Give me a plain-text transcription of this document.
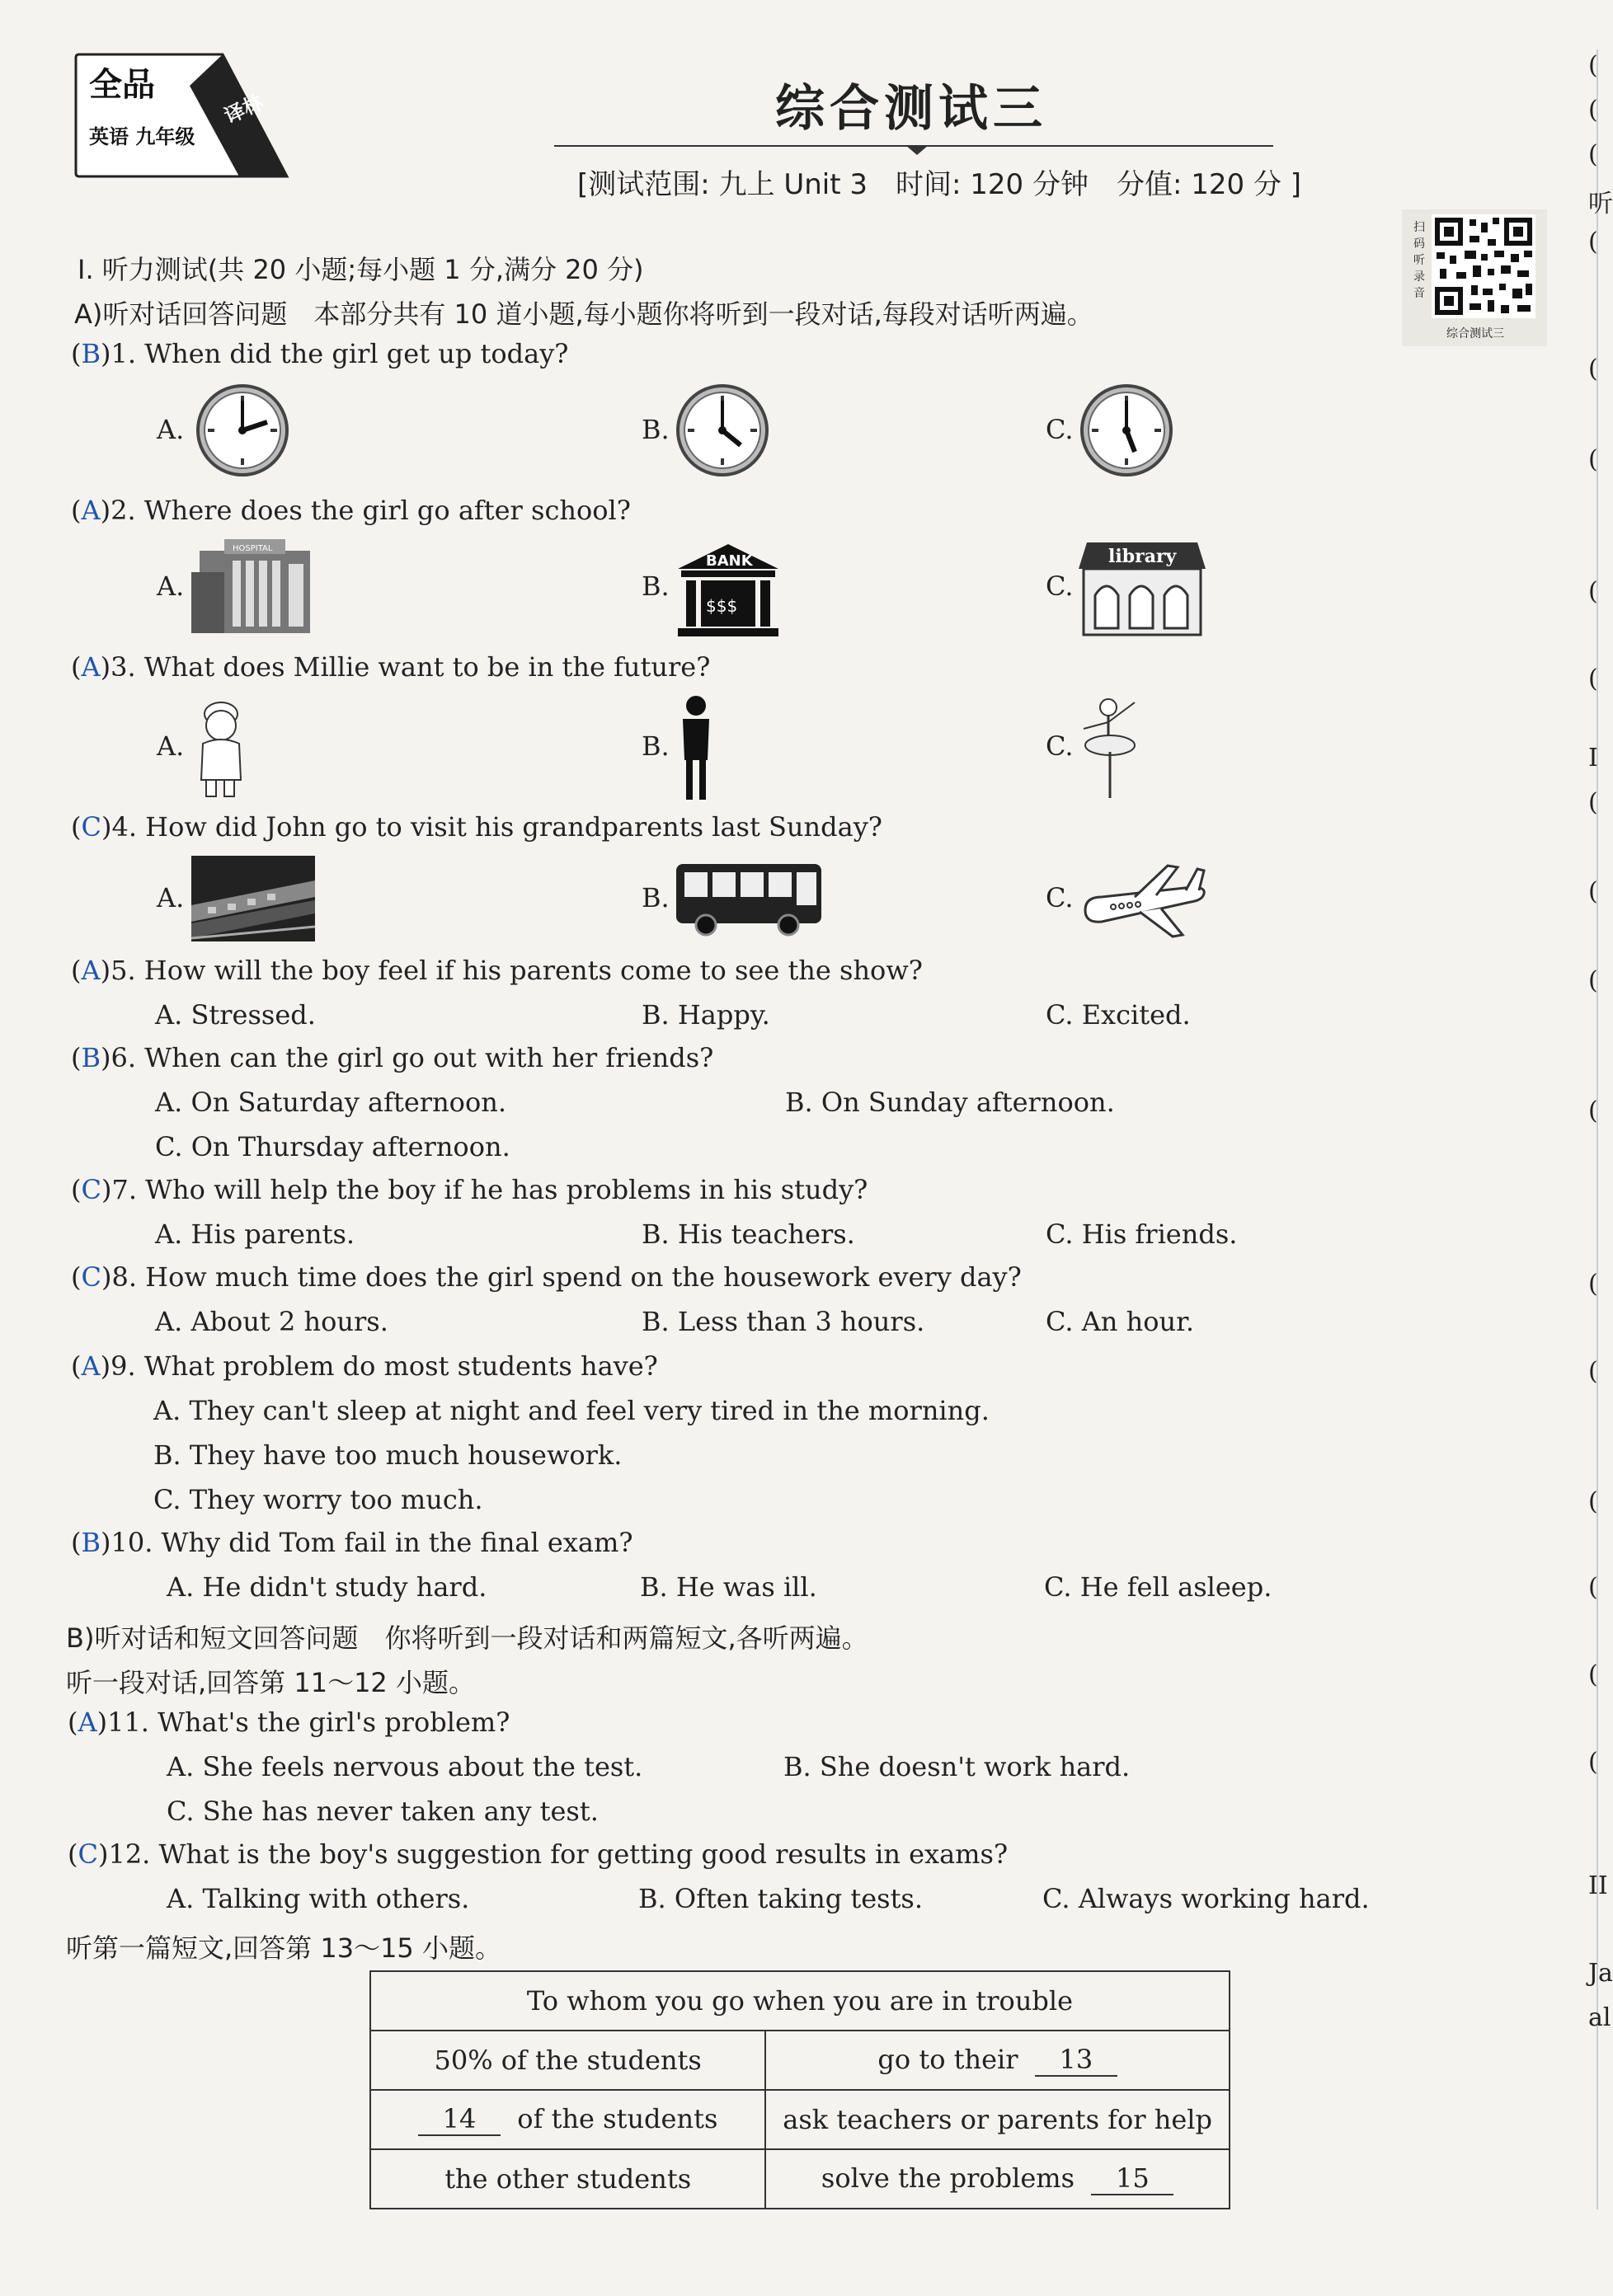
全品
英语 九年级
译林	综合测试三
[测试范围: 九上 Unit 3　时间: 120 分钟　分值: 120 分 ]
扫码听录音
综合测试三
Ⅰ. 听力测试(共 20 小题;每小题 1 分,满分 20 分)
A)听对话回答问题　本部分共有 10 道小题,每小题你将听到一段对话,每段对话听两遍。
(B)1. When did the girl get up today?
A.	B.	C.
(A)2. Where does the girl go after school?
A.
HOSPITAL
B.
BANK
$$$
C.
library
(A)3. What does Millie want to be in the future?
A.	B.	C.
(C)4. How did John go to visit his grandparents last Sunday?
A.	B.	C.
(A)5. How will the boy feel if his parents come to see the show?
A. Stressed.	B. Happy.	C. Excited.
(B)6. When can the girl go out with her friends?
A. On Saturday afternoon.	B. On Sunday afternoon.
C. On Thursday afternoon.
(C)7. Who will help the boy if he has problems in his study?
A. His parents.	B. His teachers.	C. His friends.
(C)8. How much time does the girl spend on the housework every day?
A. About 2 hours.	B. Less than 3 hours.	C. An hour.
(A)9. What problem do most students have?
A. They can't sleep at night and feel very tired in the morning.
B. They have too much housework.
C. They worry too much.
(B)10. Why did Tom fail in the final exam?
A. He didn't study hard.	B. He was ill.	C. He fell asleep.
B)听对话和短文回答问题　你将听到一段对话和两篇短文,各听两遍。
听一段对话,回答第 11～12 小题。
(A)11. What's the girl's problem?
A. She feels nervous about the test.	B. She doesn't work hard.
C. She has never taken any test.
(C)12. What is the boy's suggestion for getting good results in exams?
A. Talking with others.	B. Often taking tests.	C. Always working hard.
听第一篇短文,回答第 13～15 小题。
To whom you go when you are in trouble	
50% of the students	go to their 13
14 of the students	ask teachers or parents for help
the other students	solve the problems 15
(
(
(
听
(
(
(
(
(
I
(
(
(
(
(
(
(
(
(
(
II
Ja
al
